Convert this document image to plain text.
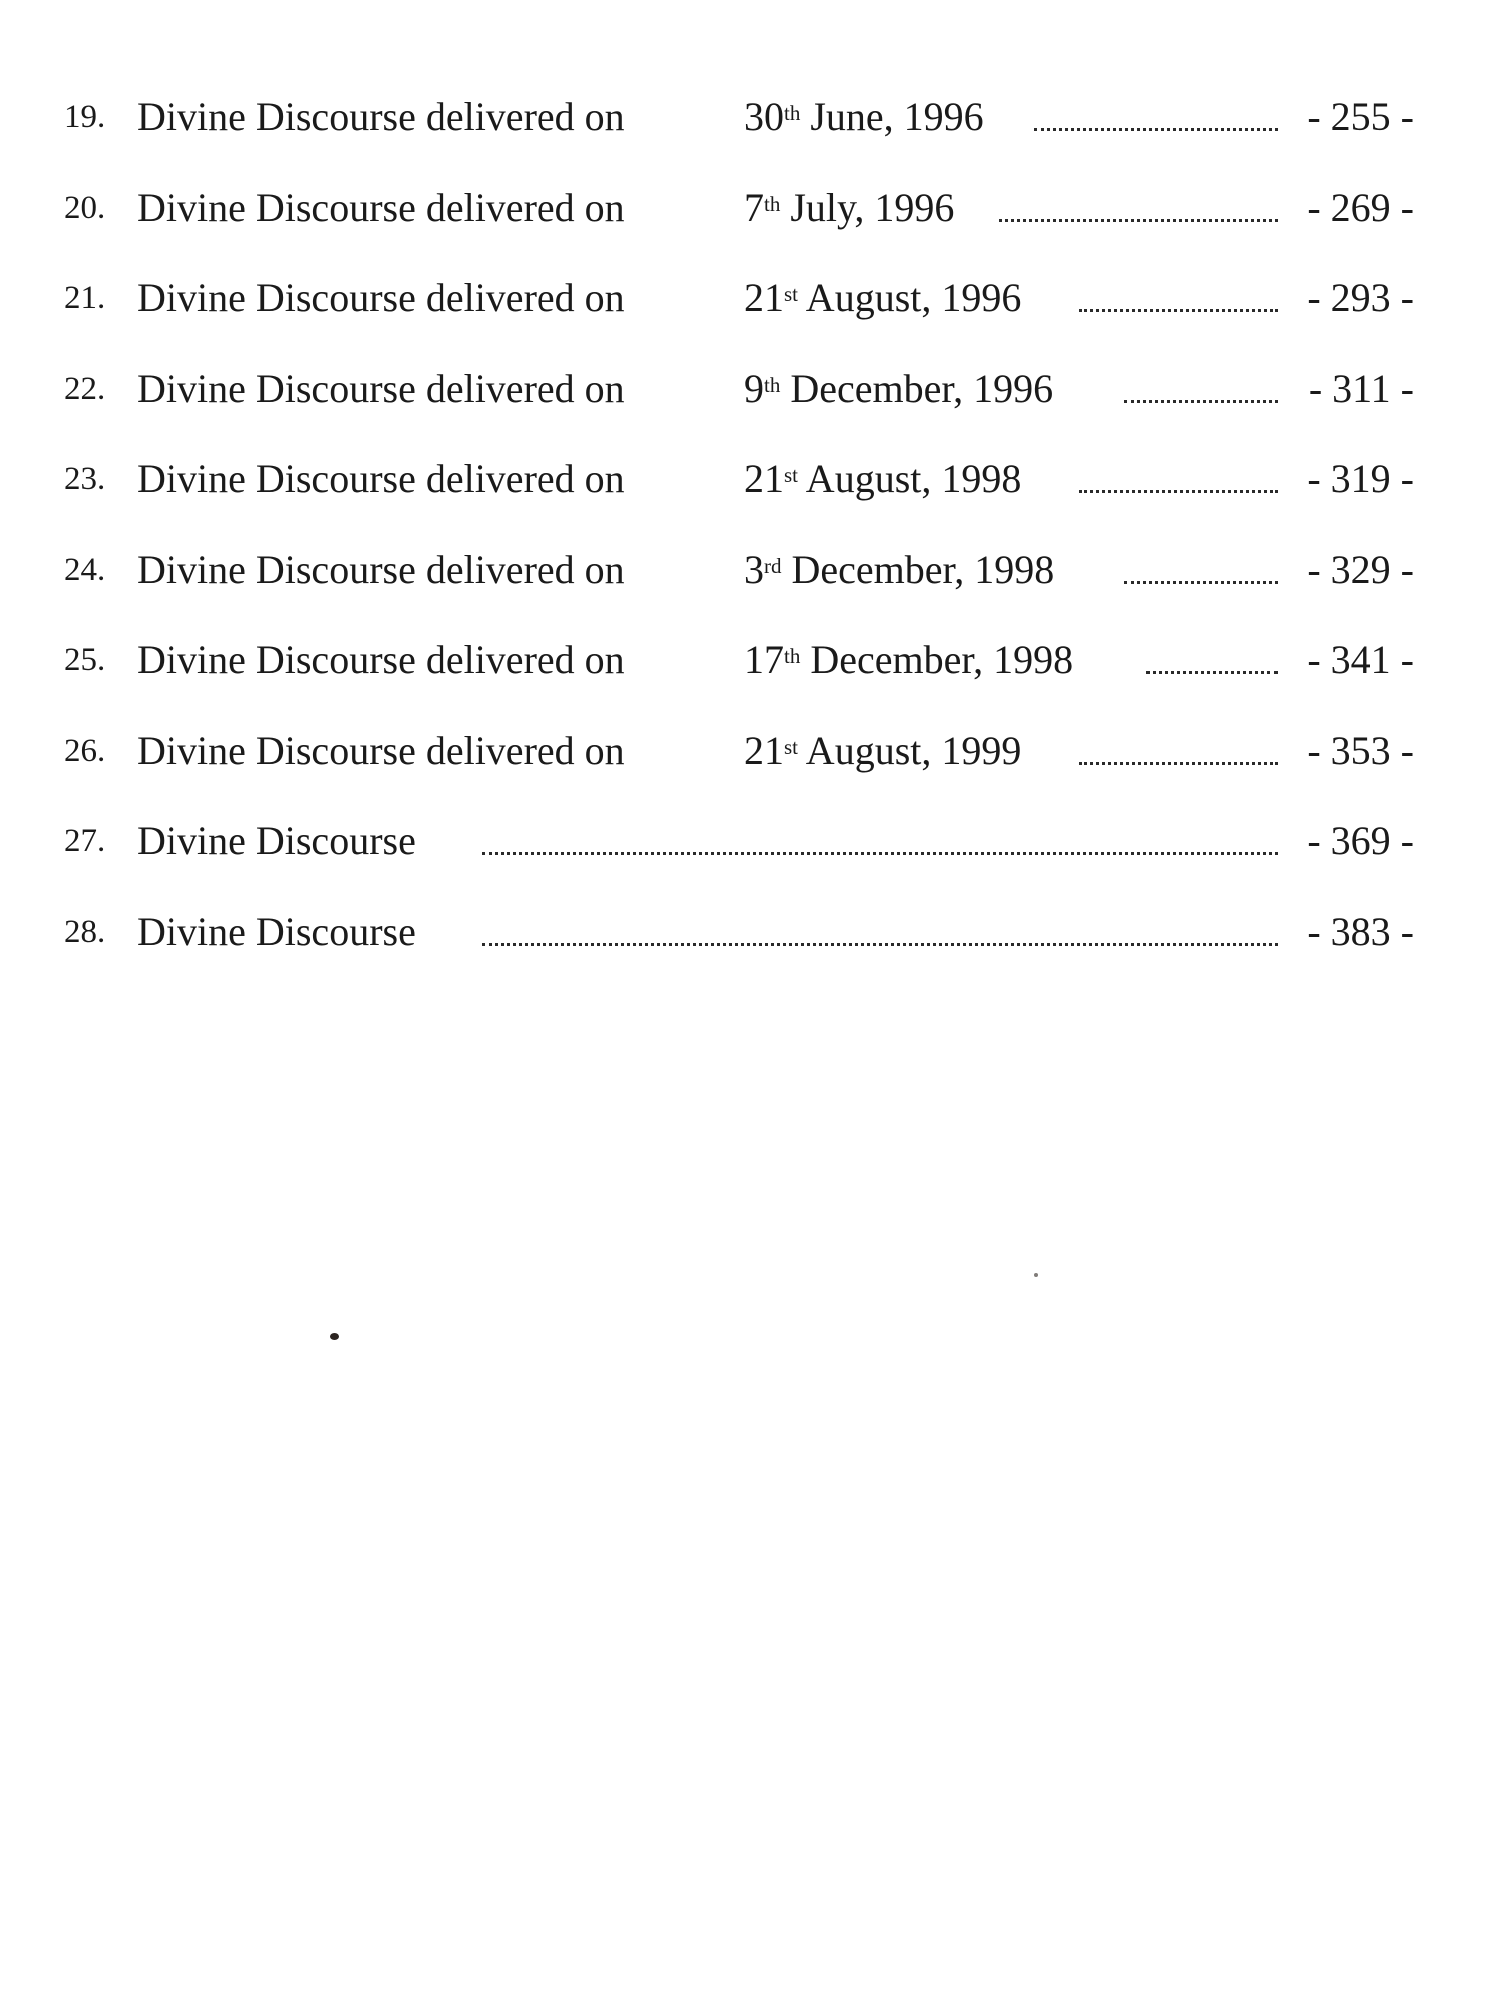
19. Divine Discourse delivered on	30th June, 1996	- 255 -
20. Divine Discourse delivered on	7th July, 1996	- 269 -
21. Divine Discourse delivered on	21st August, 1996	- 293 -
22. Divine Discourse delivered on	9th December, 1996	- 311 -
23. Divine Discourse delivered on	21st August, 1998	- 319 -
24. Divine Discourse delivered on	3rd December, 1998	- 329 -
25. Divine Discourse delivered on	17th December, 1998	- 341 -
26. Divine Discourse delivered on	21st August, 1999	- 353 -
27. Divine Discourse	- 369 -
28. Divine Discourse	- 383 -
